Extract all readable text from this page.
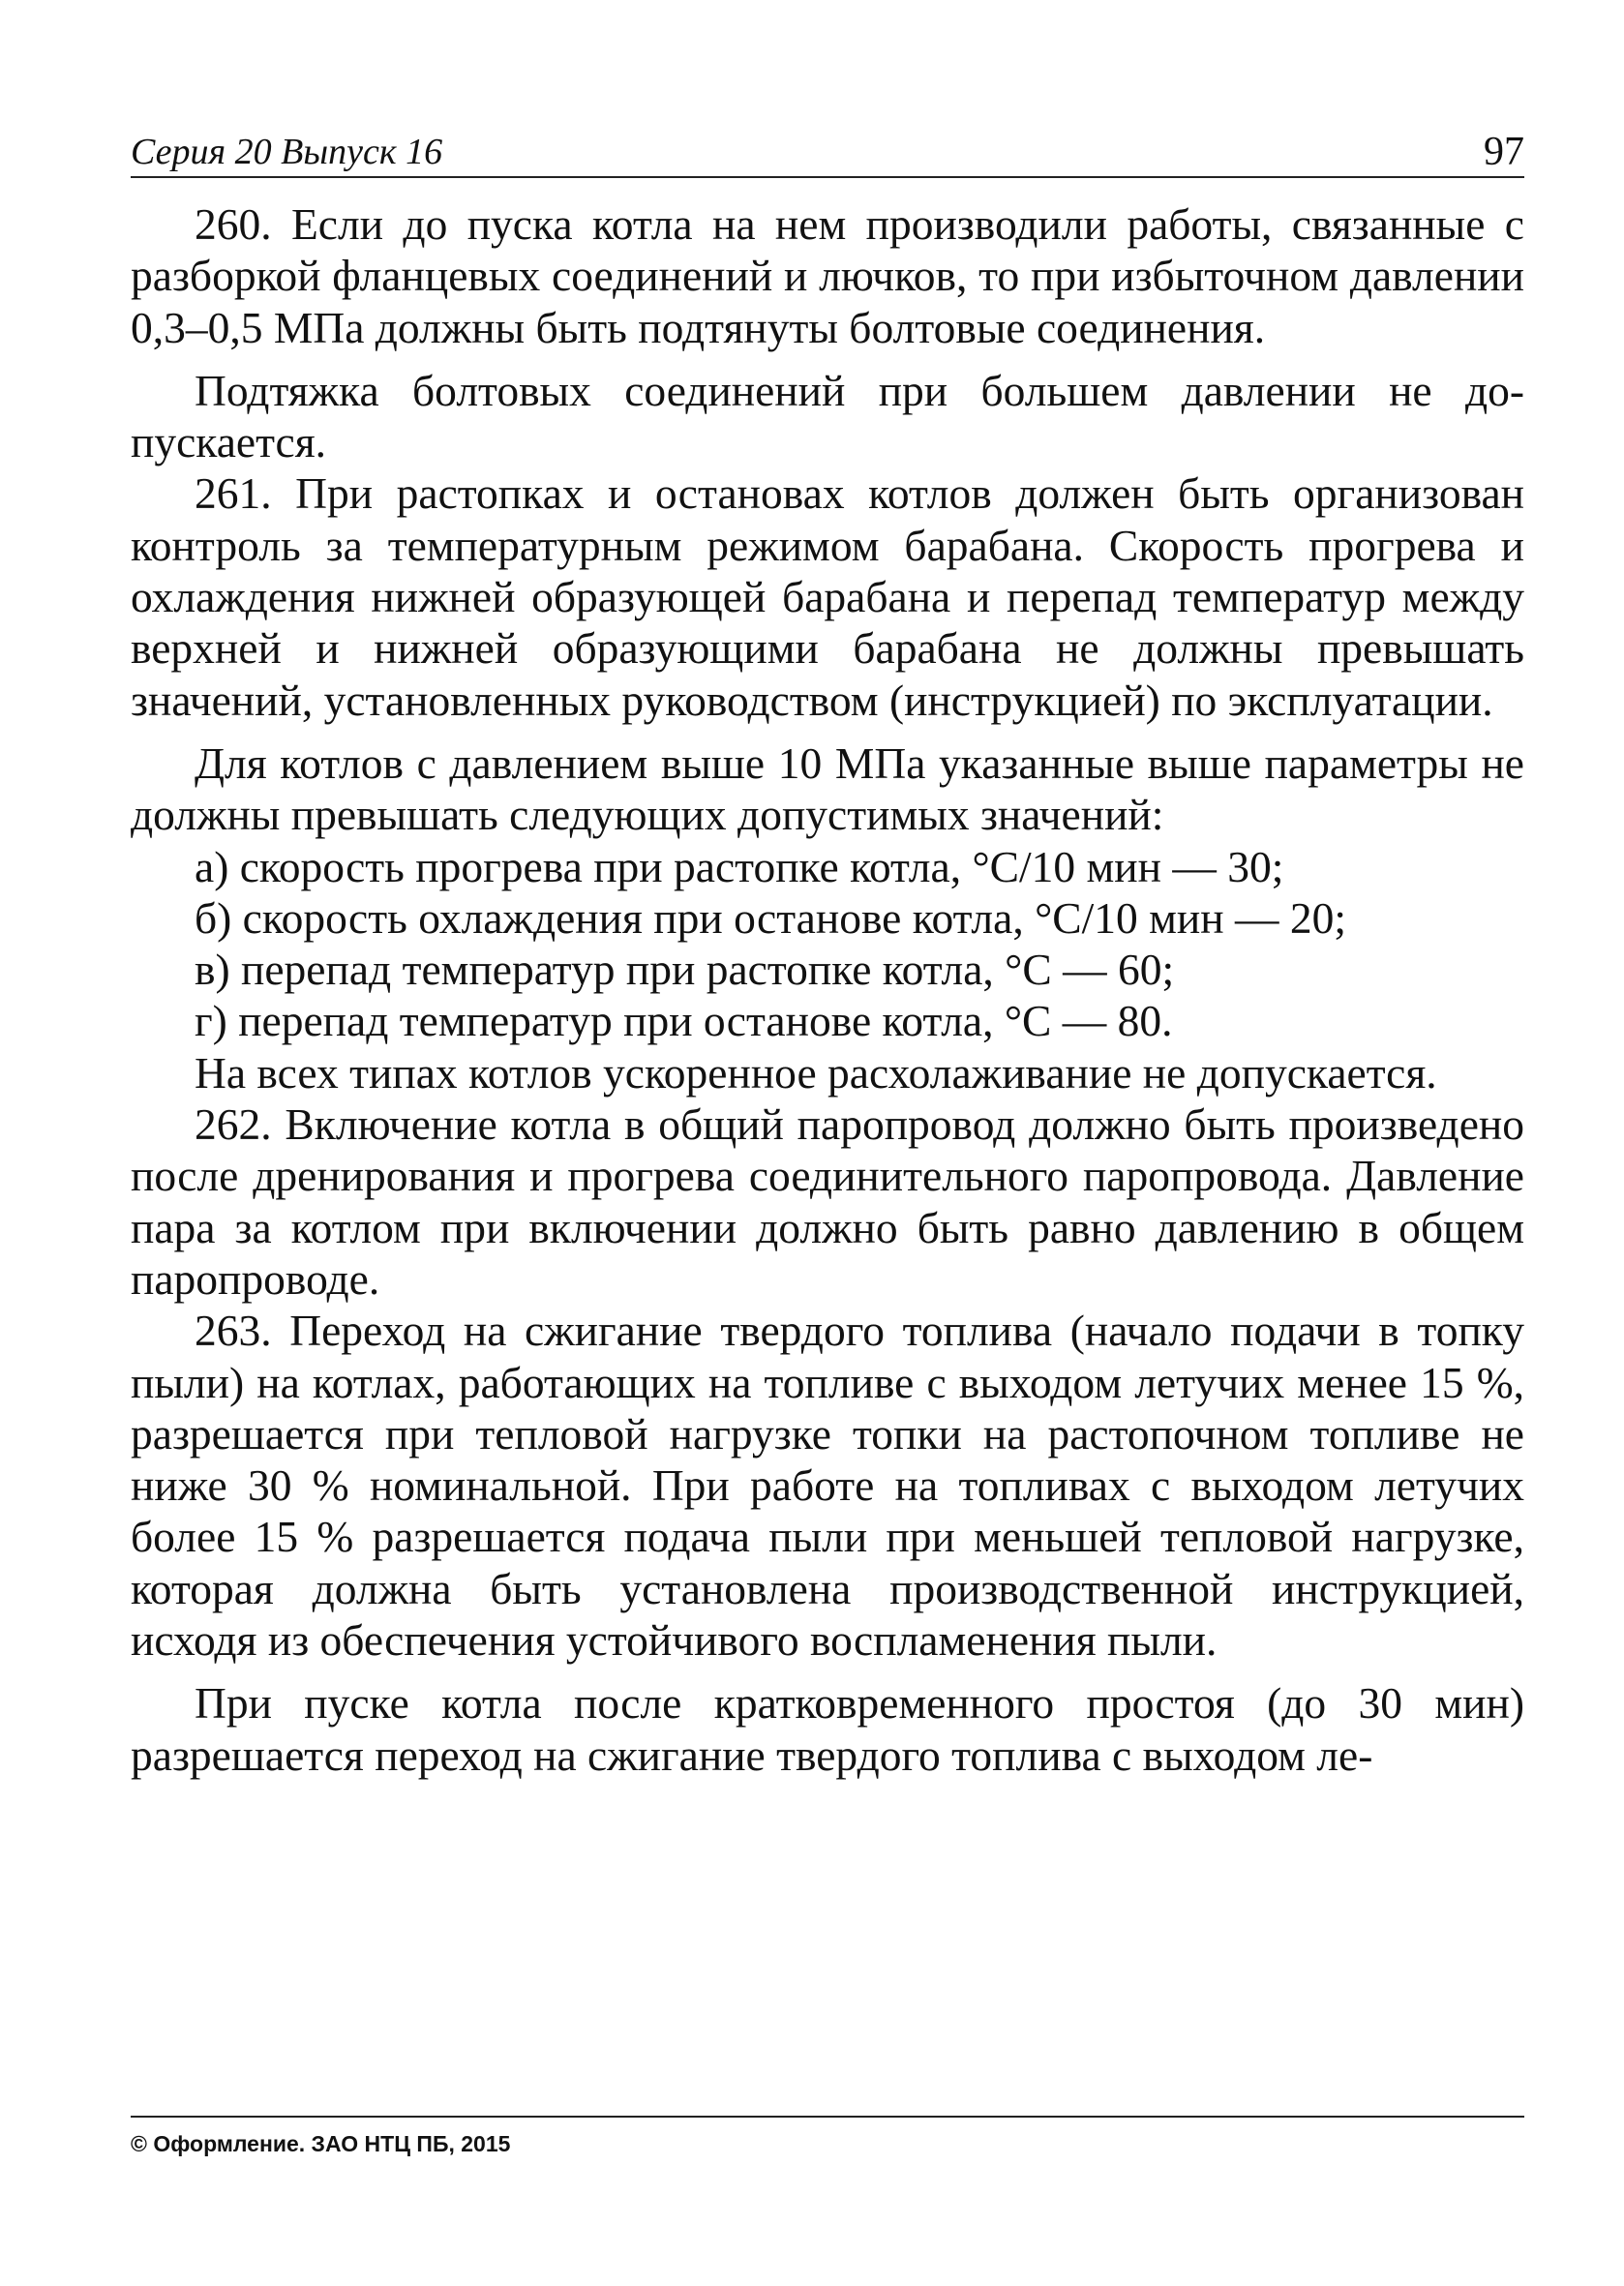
Серия 20 Выпуск 16	97

260. Если до пуска котла на нем производили работы, связанные с разборкой фланцевых соединений и лючков, то при избыточном давлении 0,3–0,5 МПа должны быть подтянуты болтовые соединения.

Подтяжка болтовых соединений при большем давлении не допускается.

261. При растопках и остановах котлов должен быть организован контроль за температурным режимом барабана. Скорость прогрева и охлаждения нижней образующей барабана и перепад температур между верхней и нижней образующими барабана не должны превышать значений, установленных руководством (инструкцией) по эксплуатации.

Для котлов с давлением выше 10 МПа указанные выше параметры не должны превышать следующих допустимых значений:

а) скорость прогрева при растопке котла, °С/10 мин — 30;

б) скорость охлаждения при останове котла, °С/10 мин — 20;

в) перепад температур при растопке котла, °С — 60;

г) перепад температур при останове котла, °С — 80.

На всех типах котлов ускоренное расхолаживание не допускается.

262. Включение котла в общий паропровод должно быть произведено после дренирования и прогрева соединительного паропровода. Давление пара за котлом при включении должно быть равно давлению в общем паропроводе.

263. Переход на сжигание твердого топлива (начало подачи в топку пыли) на котлах, работающих на топливе с выходом летучих менее 15 %, разрешается при тепловой нагрузке топки на растопочном топливе не ниже 30 % номинальной. При работе на топливах с выходом летучих более 15 % разрешается подача пыли при меньшей тепловой нагрузке, которая должна быть установлена производственной инструкцией, исходя из обеспечения устойчивого воспламенения пыли.

При пуске котла после кратковременного простоя (до 30 мин) разрешается переход на сжигание твердого топлива с выходом ле-

© Оформление. ЗАО НТЦ ПБ, 2015
